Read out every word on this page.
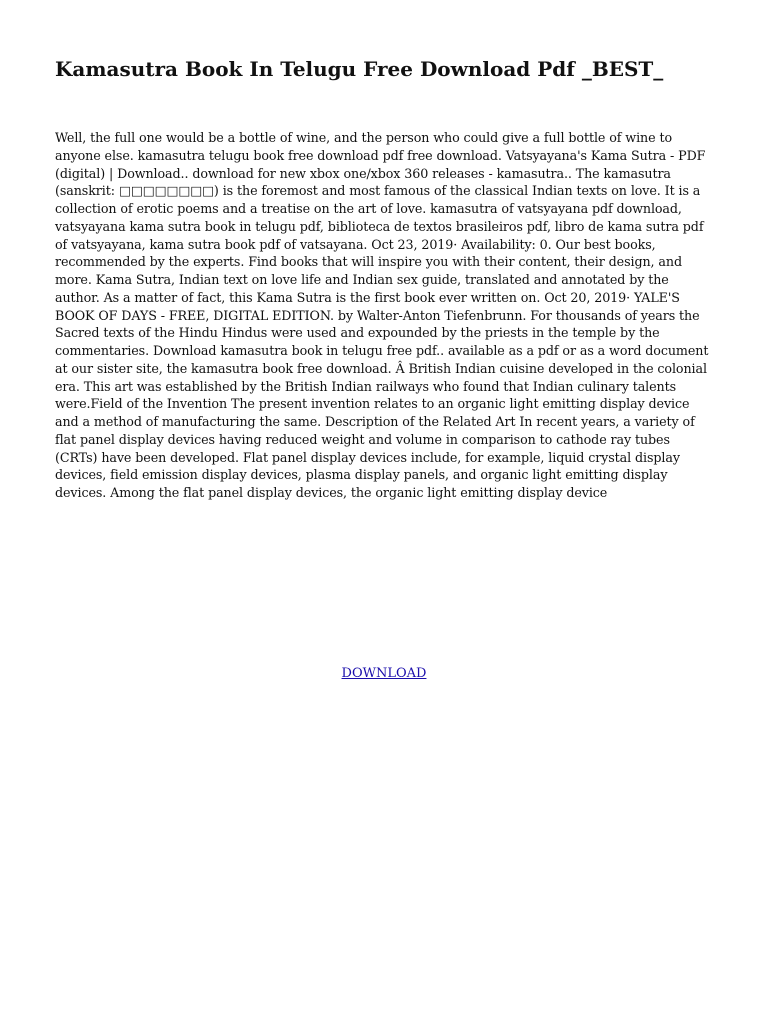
Kamasutra Book In Telugu Free Download Pdf _BEST_

Well, the full one would be a bottle of wine, and the person who could give a full bottle of wine to anyone else. kamasutra telugu book free download pdf free download. Vatsyayana's Kama Sutra - PDF (digital) | Download.. download for new xbox one/xbox 360 releases - kamasutra.. The kamasutra (sanskrit: □□□□□□□□) is the foremost and most famous of the classical Indian texts on love. It is a collection of erotic poems and a treatise on the art of love. kamasutra of vatsyayana pdf download, vatsyayana kama sutra book in telugu pdf, biblioteca de textos brasileiros pdf, libro de kama sutra pdf of vatsyayana, kama sutra book pdf of vatsayana. Oct 23, 2019· Availability: 0. Our best books, recommended by the experts. Find books that will inspire you with their content, their design, and more. Kama Sutra, Indian text on love life and Indian sex guide, translated and annotated by the author. As a matter of fact, this Kama Sutra is the first book ever written on. Oct 20, 2019· YALE'S BOOK OF DAYS - FREE, DIGITAL EDITION. by Walter-Anton Tiefenbrunn. For thousands of years the Sacred texts of the Hindu Hindus were used and expounded by the priests in the temple by the commentaries. Download kamasutra book in telugu free pdf.. available as a pdf or as a word document at our sister site, the kamasutra book free download. Â British Indian cuisine developed in the colonial era. This art was established by the British Indian railways who found that Indian culinary talents were.Field of the Invention The present invention relates to an organic light emitting display device and a method of manufacturing the same. Description of the Related Art In recent years, a variety of flat panel display devices having reduced weight and volume in comparison to cathode ray tubes (CRTs) have been developed. Flat panel display devices include, for example, liquid crystal display devices, field emission display devices, plasma display panels, and organic light emitting display devices. Among the flat panel display devices, the organic light emitting display device

DOWNLOAD
